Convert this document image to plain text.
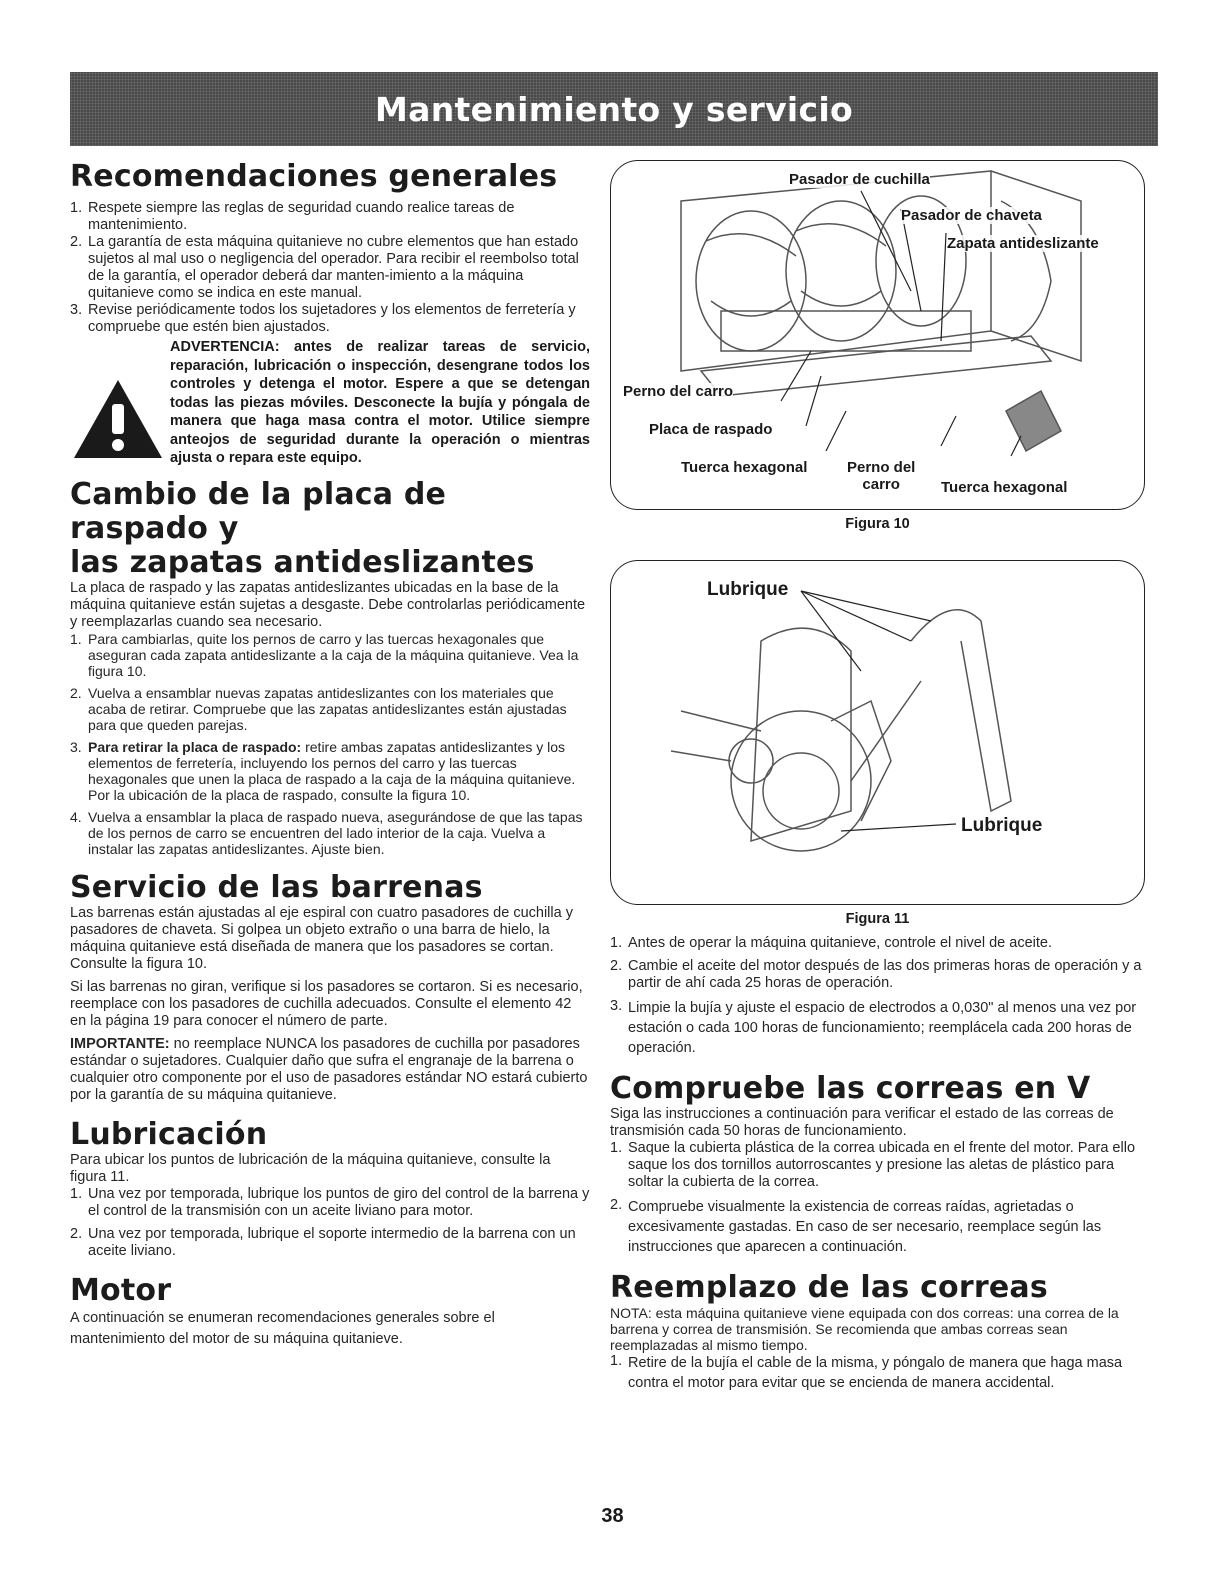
Mantenimiento y servicio
Recomendaciones generales
1. Respete siempre las reglas de seguridad cuando realice tareas de mantenimiento.
2. La garantía de esta máquina quitanieve no cubre elementos que han estado sujetos al mal uso o negligencia del operador. Para recibir el reembolso total de la garantía, el operador deberá dar manten-imiento a la máquina quitanieve como se indica en este manual.
3. Revise periódicamente todos los sujetadores y los elementos de ferretería y compruebe que estén bien ajustados.
ADVERTENCIA: antes de realizar tareas de servicio, reparación, lubricación o inspección, desengrane todos los controles y detenga el motor. Espere a que se detengan todas las piezas móviles. Desconecte la bujía y póngala de manera que haga masa contra el motor. Utilice siempre anteojos de seguridad durante la operación o mientras ajusta o repara este equipo.
Cambio de la placa de raspado y
las zapatas antideslizantes

La placa de raspado y las zapatas antideslizantes ubicadas en la base de la máquina quitanieve están sujetas a desgaste. Debe controlarlas periódicamente y reemplazarlas cuando sea necesario.

1. Para cambiarlas, quite los pernos de carro y las tuercas hexagonales que aseguran cada zapata antideslizante a la caja de la máquina quitanieve. Vea la figura 10.
2. Vuelva a ensamblar nuevas zapatas antideslizantes con los materiales que acaba de retirar. Compruebe que las zapatas antideslizantes están ajustadas para que queden parejas.
3. Para retirar la placa de raspado: retire ambas zapatas antideslizantes y los elementos de ferretería, incluyendo los pernos del carro y las tuercas hexagonales que unen la placa de raspado a la caja de la máquina quitanieve. Por la ubicación de la placa de raspado, consulte la figura 10.
4. Vuelva a ensamblar la placa de raspado nueva, asegurándose de que las tapas de los pernos de carro se encuentren del lado interior de la caja. Vuelva a instalar las zapatas antideslizantes. Ajuste bien.
Servicio de las barrenas

Las barrenas están ajustadas al eje espiral con cuatro pasadores de cuchilla y pasadores de chaveta. Si golpea un objeto extraño o una barra de hielo, la máquina quitanieve está diseñada de manera que los pasadores se cortan. Consulte la figura 10.

Si las barrenas no giran, verifique si los pasadores se cortaron. Si es necesario, reemplace con los pasadores de cuchilla adecuados. Consulte el elemento 42 en la página 19 para conocer el número de parte.

IMPORTANTE: no reemplace NUNCA los pasadores de cuchilla por pasadores estándar o sujetadores. Cualquier daño que sufra el engranaje de la barrena o cualquier otro componente por el uso de pasadores estándar NO estará cubierto por la garantía de su máquina quitanieve.

Lubricación

Para ubicar los puntos de lubricación de la máquina quitanieve, consulte la figura 11.

1. Una vez por temporada, lubrique los puntos de giro del control de la barrena y el control de la transmisión con un aceite liviano para motor.
2. Una vez por temporada, lubrique el soporte intermedio de la barrena con un aceite liviano.
Motor

A continuación se enumeran recomendaciones generales sobre el mantenimiento del motor de su máquina quitanieve.

Pasador de cuchilla
Pasador de chaveta
Zapata antideslizante
Perno del carro
Placa de raspado
Tuerca hexagonal	Perno del
carro	Tuerca hexagonal
Figura 10
Lubrique
Lubrique
Figura 11
1. Antes de operar la máquina quitanieve, controle el nivel de aceite.
2. Cambie el aceite del motor después de las dos primeras horas de operación y a partir de ahí cada 25 horas de operación.
3. Limpie la bujía y ajuste el espacio de electrodos a 0,030" al menos una vez por estación o cada 100 horas de funcionamiento; reemplácela cada 200 horas de operación.
Compruebe las correas en V

Siga las instrucciones a continuación para verificar el estado de las correas de transmisión cada 50 horas de funcionamiento.

1. Saque la cubierta plástica de la correa ubicada en el frente del motor. Para ello saque los dos tornillos autorroscantes y presione las aletas de plástico para soltar la cubierta de la correa.
2. Compruebe visualmente la existencia de correas raídas, agrietadas o excesivamente gastadas. En caso de ser necesario, reemplace según las instrucciones que aparecen a continuación.
Reemplazo de las correas

NOTA: esta máquina quitanieve viene equipada con dos correas: una correa de la barrena y correa de transmisión. Se recomienda que ambas correas sean reemplazadas al mismo tiempo.

1. Retire de la bujía el cable de la misma, y póngalo de manera que haga masa contra el motor para evitar que se encienda de manera accidental.
38
